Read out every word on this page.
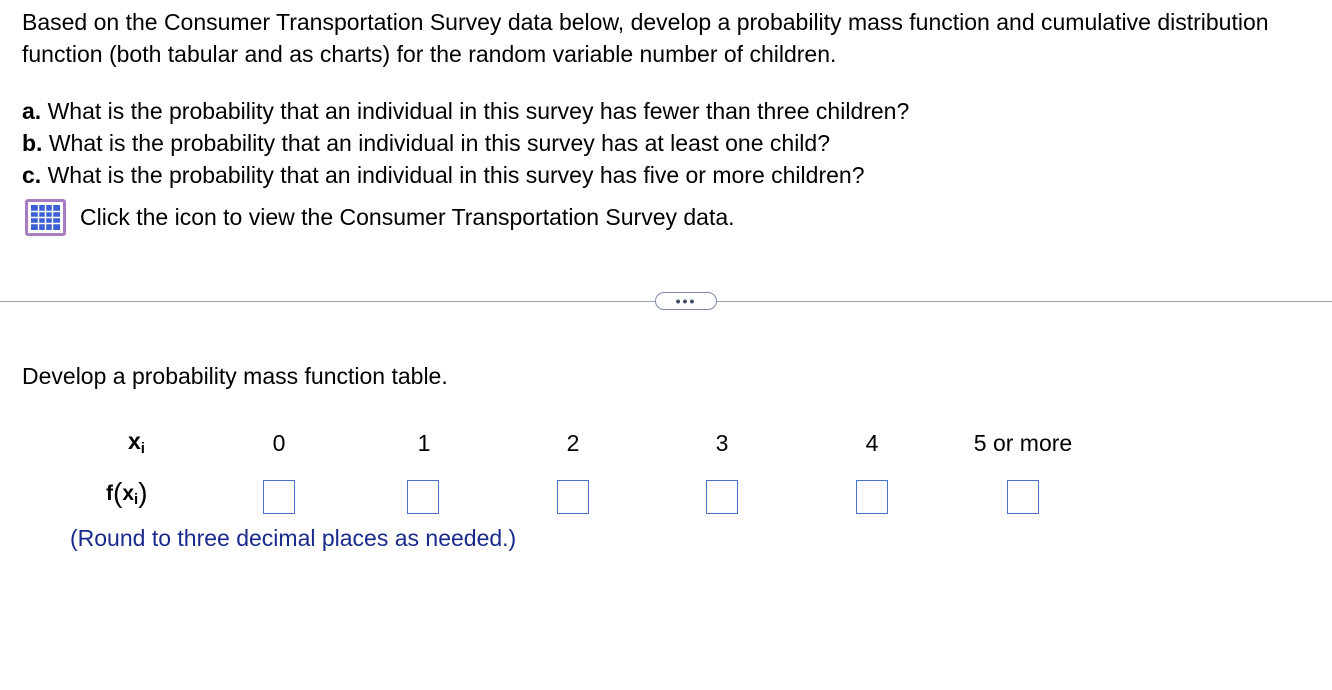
Based on the Consumer Transportation Survey data below, develop a probability mass function and cumulative distribution function (both tabular and as charts) for the random variable number of children.
a. What is the probability that an individual in this survey has fewer than three children?
b. What is the probability that an individual in this survey has at least one child?
c. What is the probability that an individual in this survey has five or more children?
Click the icon to view the Consumer Transportation Survey data.
•••
Develop a probability mass function table.
$x_i$	0	1	2	3	4	5 or more
$f(x_i)$
(Round to three decimal places as needed.)
